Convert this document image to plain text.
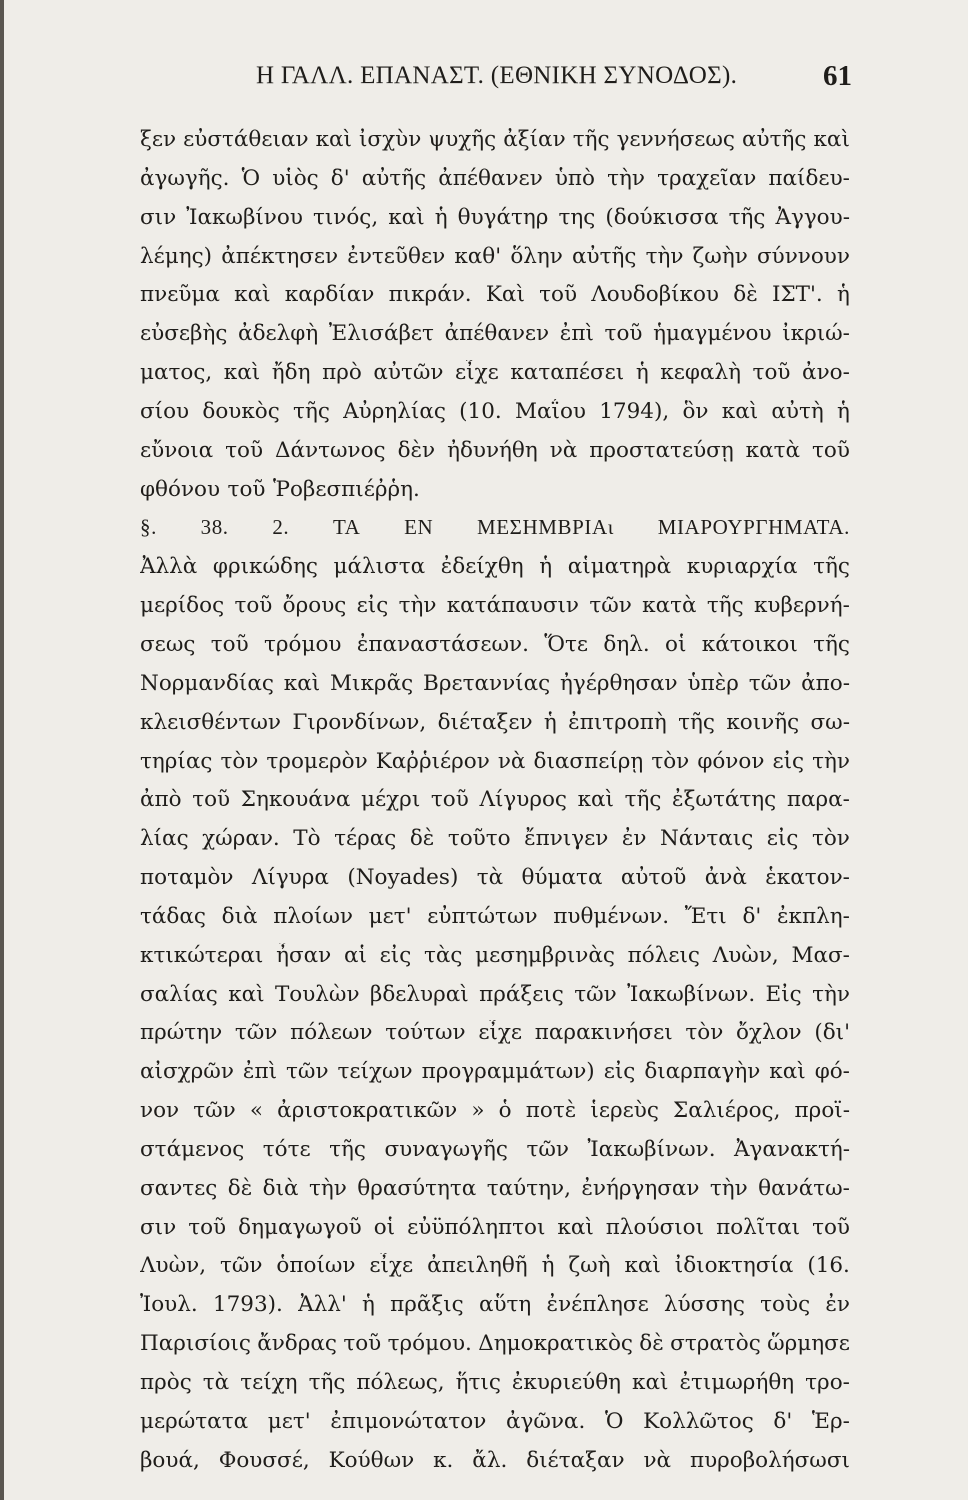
Η ΓΑΛΛ. ΕΠΑΝΑΣΤ. (ΕΘΝΙΚΗ ΣΥΝΟΔΟΣ).	61
ξεν εὐστάθειαν καὶ ἰσχὺν ψυχῆς ἀξίαν τῆς γεννήσεως αὐτῆς καὶ
ἀγωγῆς. Ὁ υἱὸς δ' αὐτῆς ἀπέθανεν ὑπὸ τὴν τραχεῖαν παίδευ-
σιν Ἰακωβίνου τινός, καὶ ἡ θυγάτηρ της (δούκισσα τῆς Ἀγγου-
λέμης) ἀπέκτησεν ἐντεῦθεν καθ' ὅλην αὐτῆς τὴν ζωὴν σύννουν
πνεῦμα καὶ καρδίαν πικράν. Καὶ τοῦ Λουδοβίκου δὲ ΙΣΤ'. ἡ
εὐσεβὴς ἀδελφὴ Ἐλισάβετ ἀπέθανεν ἐπὶ τοῦ ἡμαγμένου ἰκριώ-
ματος, καὶ ἤδη πρὸ αὐτῶν εἶχε καταπέσει ἡ κεφαλὴ τοῦ ἀνο-
σίου δουκὸς τῆς Αὐρηλίας (10. Μαΐου 1794), ὃν καὶ αὐτὴ ἡ
εὔνοια τοῦ Δάντωνος δὲν ἠδυνήθη νὰ προστατεύσῃ κατὰ τοῦ
φθόνου τοῦ Ῥοβεσπιέῤῥη.
§. 38. 2. ΤΑ ΕΝ ΜΕΣΗΜΒΡΙΑι ΜΙΑΡΟΥΡΓΗΜΑΤΑ.
Ἀλλὰ φρικώδης μάλιστα ἐδείχθη ἡ αἱματηρὰ κυριαρχία τῆς
μερίδος τοῦ ὄρους εἰς τὴν κατάπαυσιν τῶν κατὰ τῆς κυβερνή-
σεως τοῦ τρόμου ἐπαναστάσεων. Ὅτε δηλ. οἱ κάτοικοι τῆς
Νορμανδίας καὶ Μικρᾶς Βρεταννίας ἠγέρθησαν ὑπὲρ τῶν ἀπο-
κλεισθέντων Γιρονδίνων, διέταξεν ἡ ἐπιτροπὴ τῆς κοινῆς σω-
τηρίας τὸν τρομερὸν Καῤῥιέρον νὰ διασπείρῃ τὸν φόνον εἰς τὴν
ἀπὸ τοῦ Σηκουάνα μέχρι τοῦ Λίγυρος καὶ τῆς ἐξωτάτης παρα-
λίας χώραν. Τὸ τέρας δὲ τοῦτο ἔπνιγεν ἐν Νάνταις εἰς τὸν
ποταμὸν Λίγυρα (Noyades) τὰ θύματα αὐτοῦ ἀνὰ ἑκατον-
τάδας διὰ πλοίων μετ' εὐπτώτων πυθμένων. Ἔτι δ' ἐκπλη-
κτικώτεραι ἦσαν αἱ εἰς τὰς μεσημβρινὰς πόλεις Λυὼν, Μασ-
σαλίας καὶ Τουλὼν βδελυραὶ πράξεις τῶν Ἰακωβίνων. Εἰς τὴν
πρώτην τῶν πόλεων τούτων εἶχε παρακινήσει τὸν ὄχλον (δι'
αἰσχρῶν ἐπὶ τῶν τείχων προγραμμάτων) εἰς διαρπαγὴν καὶ φό-
νον τῶν « ἀριστοκρατικῶν » ὁ ποτὲ ἱερεὺς Σαλιέρος, προϊ-
στάμενος τότε τῆς συναγωγῆς τῶν Ἰακωβίνων. Ἀγανακτή-
σαντες δὲ διὰ τὴν θρασύτητα ταύτην, ἐνήργησαν τὴν θανάτω-
σιν τοῦ δημαγωγοῦ οἱ εὐϋπόληπτοι καὶ πλούσιοι πολῖται τοῦ
Λυὼν, τῶν ὁποίων εἶχε ἀπειληθῆ ἡ ζωὴ καὶ ἰδιοκτησία (16.
Ἰουλ. 1793). Ἀλλ' ἡ πρᾶξις αὕτη ἐνέπλησε λύσσης τοὺς ἐν
Παρισίοις ἄνδρας τοῦ τρόμου. Δημοκρατικὸς δὲ στρατὸς ὥρμησε
πρὸς τὰ τείχη τῆς πόλεως, ἥτις ἐκυριεύθη καὶ ἐτιμωρήθη τρο-
μερώτατα μετ' ἐπιμονώτατον ἀγῶνα. Ὁ Κολλῶτος δ' Ἑρ-
βουά, Φουσσέ, Κούθων κ. ἄλ. διέταξαν νὰ πυροβολήσωσι
